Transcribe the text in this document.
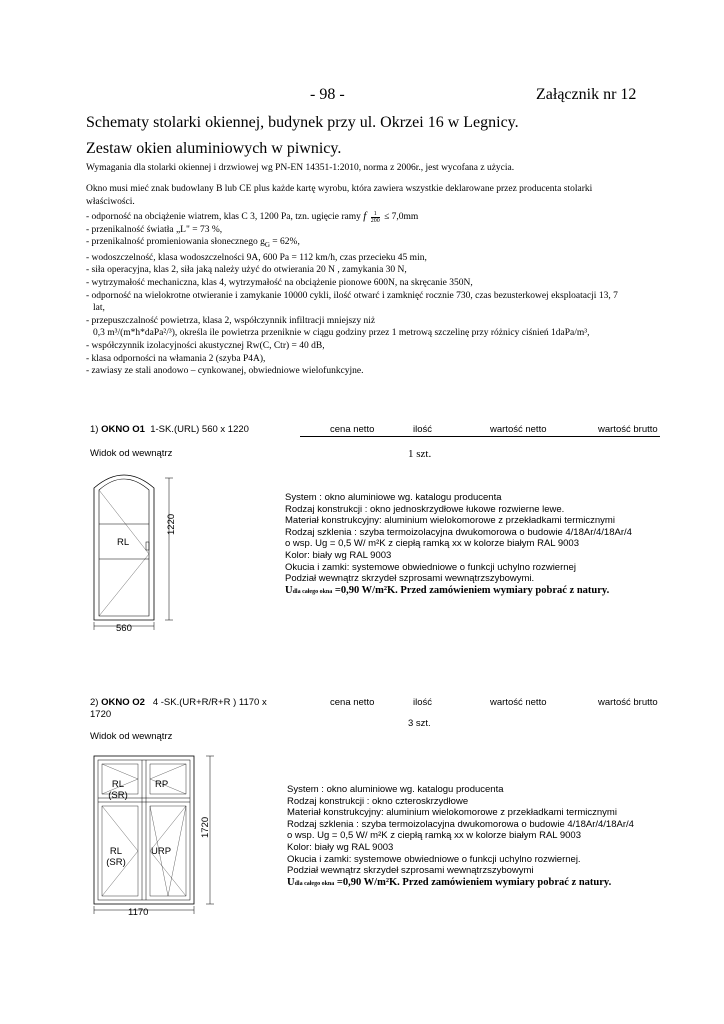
- 98 -	Załącznik nr 12
Schematy stolarki okiennej, budynek przy ul. Okrzei 16 w Legnicy.
Zestaw okien aluminiowych w piwnicy.
Wymagania dla stolarki okiennej i drzwiowej wg PN-EN 14351-1:2010, norma z 2006r., jest wycofana z użycia.

Okno musi mieć znak budowlany B lub CE plus każde kartę wyrobu, która zawiera wszystkie deklarowane przez producenta stolarki

właściwości.

- odporność na obciążenie wiatrem, klas C 3, 1200 Pa, tzn. ugięcie ramy f $\frac{1}{200} \le 7,0mm$

- przenikalność światła „L" = 73 %,

- przenikalność promieniowania słonecznego $g_G = 62\%$,

- wodoszczelność, klasa wodoszczelności 9A, 600 Pa = 112 km/h, czas przecieku 45 min,

- siła operacyjna, klas 2, siła jaką należy użyć do otwierania 20 N , zamykania 30 N,

- wytrzymałość mechaniczna, klas 4, wytrzymałość na obciążenie pionowe 600N, na skręcanie 350N,

- odporność na wielokrotne otwieranie i zamykanie 10000 cykli, ilość otwarć i zamknięć rocznie 730, czas bezusterkowej eksploatacji 13, 7

lat,

- przepuszczalność powietrza, klasa 2, współczynnik infiltracji mniejszy niż

0,3 m³/(m*h*daPa²/³), określa ile powietrza przeniknie w ciągu godziny przez 1 metrową szczelinę przy różnicy ciśnień 1daPa/m³,

- współczynnik izolacyjności akustycznej Rw(C, Ctr) = 40 dB,

- klasa odporności na włamania 2 (szyba P4A),

- zawiasy ze stali anodowo – cynkowanej, obwiedniowe wielofunkcyjne.

1) OKNO O1 1-SK.(URL) 560 x 1220	cena netto	ilość	wartość netto	wartość brutto
Widok od wewnątrz	1 szt.
RL
1220
560
System : okno aluminiowe wg. katalogu producenta
Rodzaj konstrukcji : okno jednoskrzydłowe łukowe rozwierne lewe.
Materiał konstrukcyjny: aluminium wielokomorowe z przekładkami termicznymi
Rodzaj szklenia : szyba termoizolacyjna dwukomorowa o budowie 4/18Ar/4/18Ar/4
o wsp. Ug = 0,5 W/ m²K z ciepłą ramką xx w kolorze białym RAL 9003
Kolor: biały wg RAL 9003
Okucia i zamki: systemowe obwiedniowe o funkcji uchylno rozwiernej
Podział wewnątrz skrzydeł szprosami wewnątrzszybowymi.
Udla całego okna =0,90 W/m²K. Przed zamówieniem wymiary pobrać z natury.
2) OKNO O2 4 -SK.(UR+R/R+R ) 1170 x
1720
cena netto	ilość	wartość netto	wartość brutto
3 szt.
Widok od wewnątrz
RL
(SR)
RP
RL
(SR)
URP
1720
1170
System : okno aluminiowe wg. katalogu producenta
Rodzaj konstrukcji : okno czteroskrzydłowe
Materiał konstrukcyjny: aluminium wielokomorowe z przekładkami termicznymi
Rodzaj szklenia : szyba termoizolacyjna dwukomorowa o budowie 4/18Ar/4/18Ar/4
o wsp. Ug = 0,5 W/ m²K z ciepłą ramką xx w kolorze białym RAL 9003
Kolor: biały wg RAL 9003
Okucia i zamki: systemowe obwiedniowe o funkcji uchylno rozwiernej.
Podział wewnątrz skrzydeł szprosami wewnątrzszybowymi
Udla całego okna =0,90 W/m²K. Przed zamówieniem wymiary pobrać z natury.
